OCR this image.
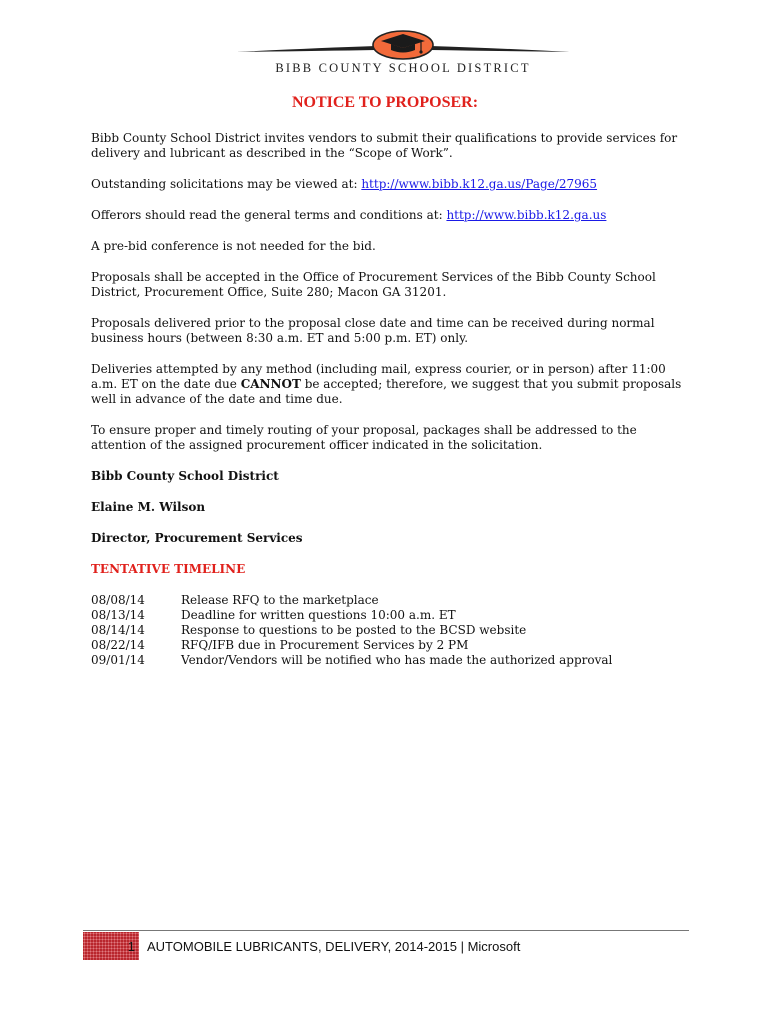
BIBB COUNTY SCHOOL DISTRICT
NOTICE TO PROPOSER:

Bibb County School District invites vendors to submit their qualifications to provide services for delivery and lubricant as described in the “Scope of Work”.

Outstanding solicitations may be viewed at: http://www.bibb.k12.ga.us/Page/27965

Offerors should read the general terms and conditions at: http://www.bibb.k12.ga.us

A pre-bid conference is not needed for the bid.

Proposals shall be accepted in the Office of Procurement Services of the Bibb County School District, Procurement Office, Suite 280; Macon GA 31201.

Proposals delivered prior to the proposal close date and time can be received during normal business hours (between 8:30 a.m. ET and 5:00 p.m. ET) only.

Deliveries attempted by any method (including mail, express courier, or in person) after 11:00 a.m. ET on the date due CANNOT be accepted; therefore, we suggest that you submit proposals well in advance of the date and time due.

To ensure proper and timely routing of your proposal, packages shall be addressed to the attention of the assigned procurement officer indicated in the solicitation.

Bibb County School District

Elaine M. Wilson

Director, Procurement Services

TENTATIVE TIMELINE

08/08/14	Release RFQ to the marketplace
08/13/14	Deadline for written questions 10:00 a.m. ET
08/14/14	Response to questions to be posted to the BCSD website
08/22/14	RFQ/IFB due in Procurement Services by 2 PM
09/01/14	Vendor/Vendors will be notified who has made the authorized approval
1 AUTOMOBILE LUBRICANTS, DELIVERY, 2014-2015 | Microsoft
